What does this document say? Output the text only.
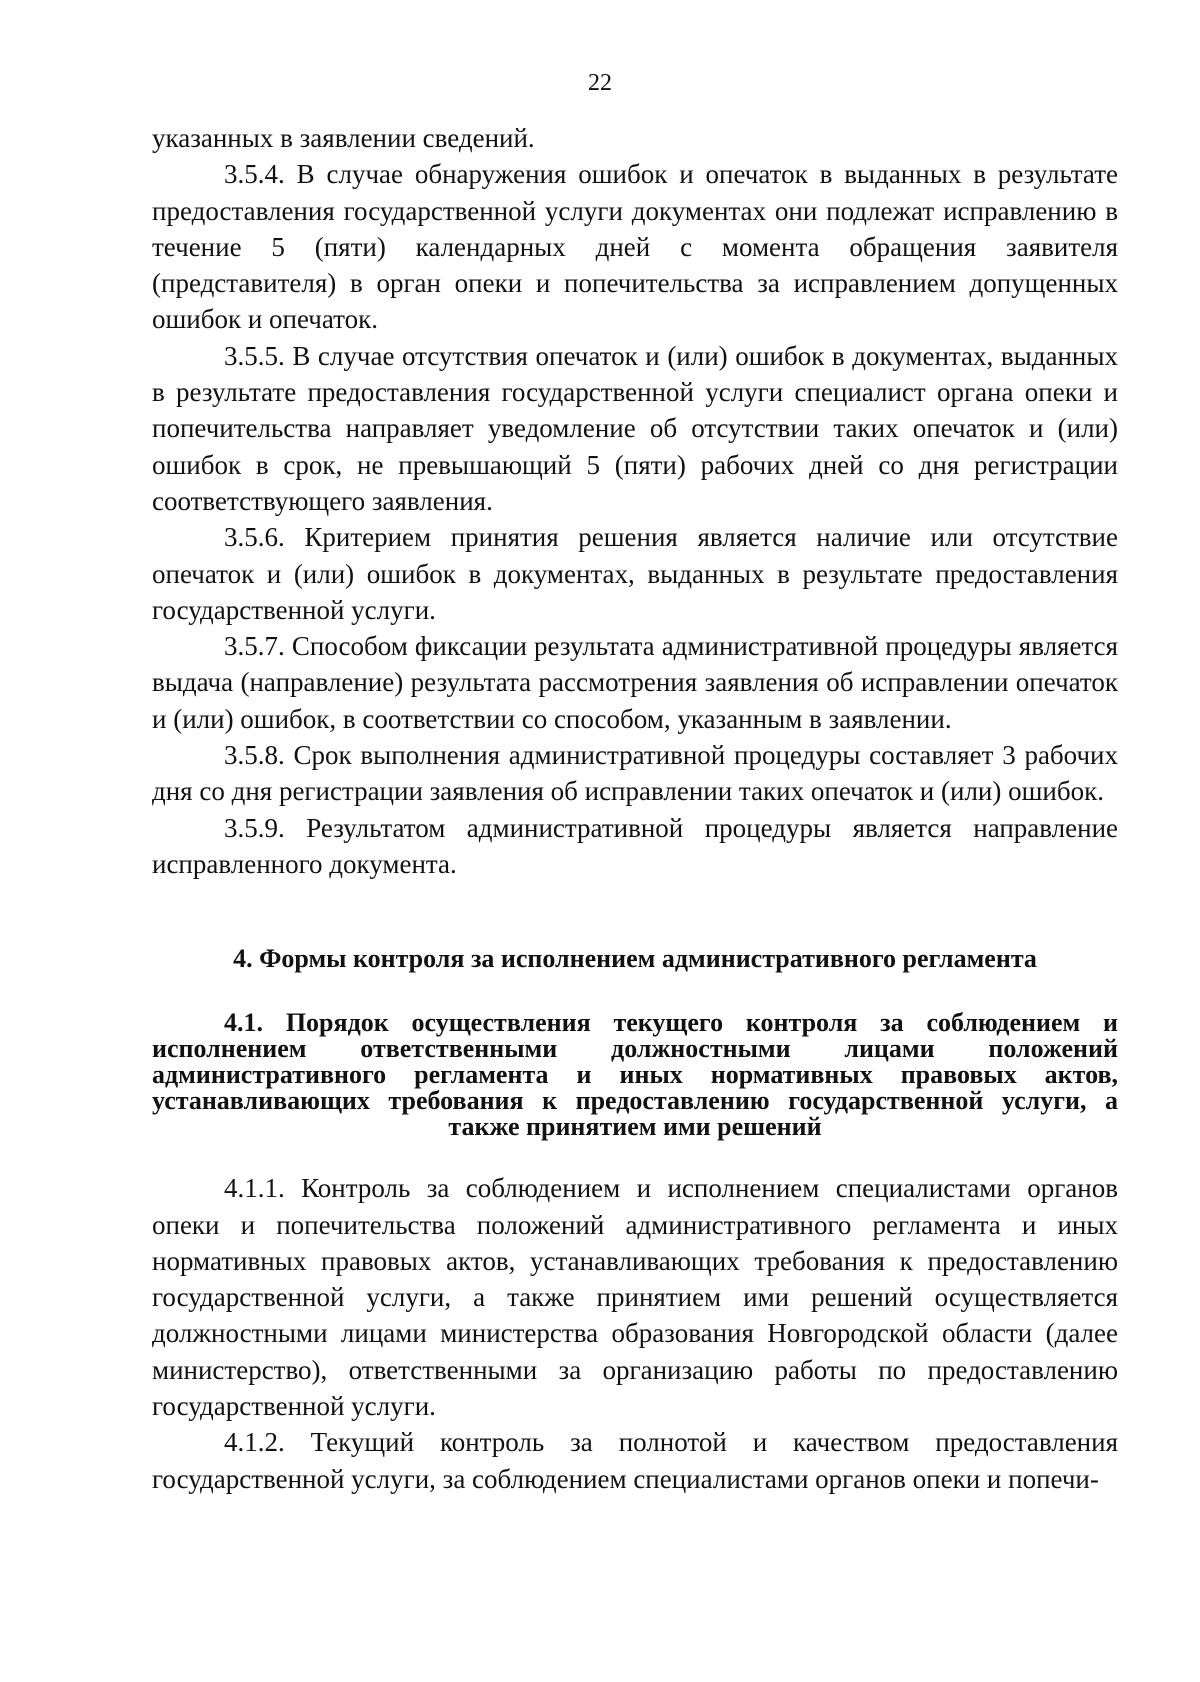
22

указанных в заявлении сведений.

3.5.4. В случае обнаружения ошибок и опечаток в выданных в результате предоставления государственной услуги документах они подлежат исправлению в течение 5 (пяти) календарных дней с момента обращения заявителя (представителя) в орган опеки и попечительства за исправлением допущенных ошибок и опечаток.

3.5.5. В случае отсутствия опечаток и (или) ошибок в документах, выданных в результате предоставления государственной услуги специалист органа опеки и попечительства направляет уведомление об отсутствии таких опечаток и (или) ошибок в срок, не превышающий 5 (пяти) рабочих дней со дня регистрации соответствующего заявления.

3.5.6. Критерием принятия решения является наличие или отсутствие опечаток и (или) ошибок в документах, выданных в результате предоставления государственной услуги.

3.5.7. Способом фиксации результата административной процедуры является выдача (направление) результата рассмотрения заявления об исправлении опечаток и (или) ошибок, в соответствии со способом, указанным в заявлении.

3.5.8. Срок выполнения административной процедуры составляет 3 рабочих дня со дня регистрации заявления об исправлении таких опечаток и (или) ошибок.

3.5.9. Результатом административной процедуры является направление исправленного документа.

4. Формы контроля за исполнением административного регламента
4.1. Порядок осуществления текущего контроля за соблюдением и исполнением ответственными должностными лицами положений административного регламента и иных нормативных правовых актов, устанавливающих требования к предоставлению государственной услуги, а также принятием ими решений

4.1.1. Контроль за соблюдением и исполнением специалистами органов опеки и попечительства положений административного регламента и иных нормативных правовых актов, устанавливающих требования к предоставлению государственной услуги, а также принятием ими решений осуществляется должностными лицами министерства образования Новгородской области (далее министерство), ответственными за организацию работы по предоставлению государственной услуги.

4.1.2. Текущий контроль за полнотой и качеством предоставления государственной услуги, за соблюдением специалистами органов опеки и попечи-
